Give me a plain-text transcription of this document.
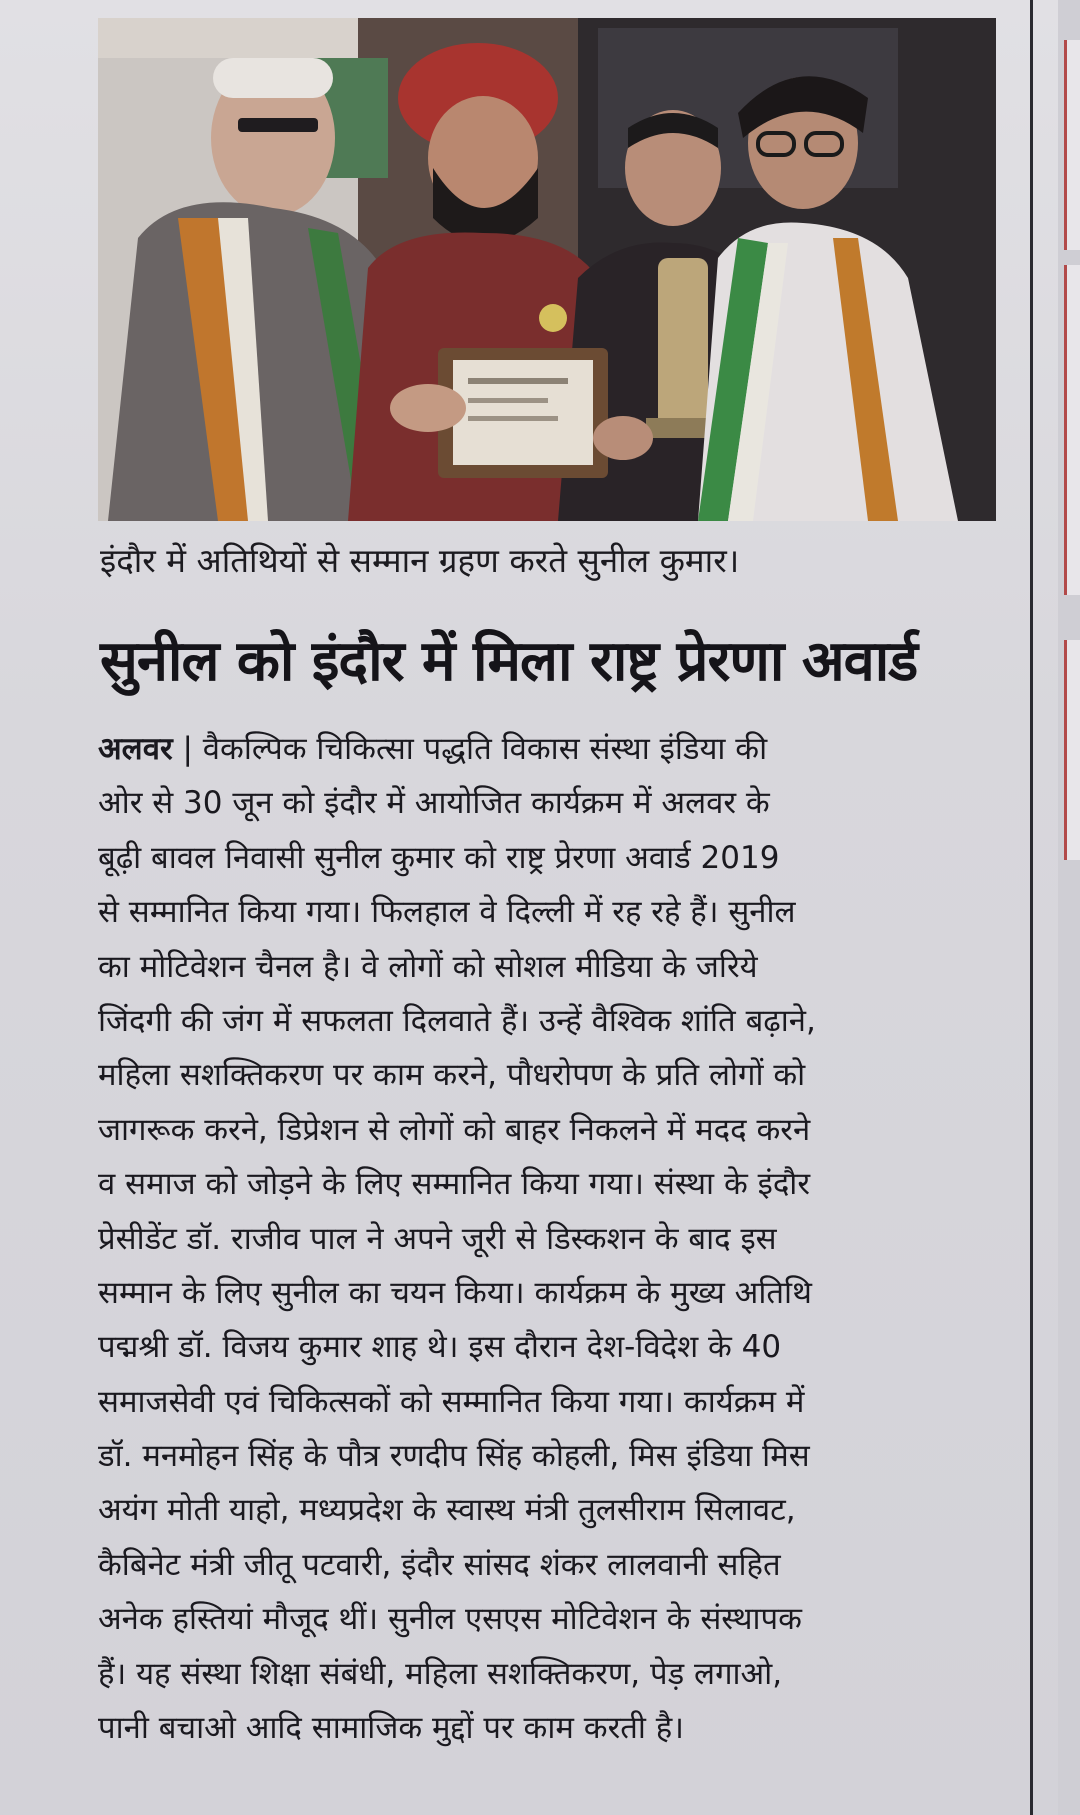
इंदौर में अतिथियों से सम्मान ग्रहण करते सुनील कुमार।
सुनील को इंदौर में मिला राष्ट्र प्रेरणा अवार्ड
अलवर | वैकल्पिक चिकित्सा पद्धति विकास संस्था इंडिया की
ओर से 30 जून को इंदौर में आयोजित कार्यक्रम में अलवर के
बूढ़ी बावल निवासी सुनील कुमार को राष्ट्र प्रेरणा अवार्ड 2019
से सम्मानित किया गया। फिलहाल वे दिल्ली में रह रहे हैं। सुनील
का मोटिवेशन चैनल है। वे लोगों को सोशल मीडिया के जरिये
जिंदगी की जंग में सफलता दिलवाते हैं। उन्हें वैश्विक शांति बढ़ाने,
महिला सशक्तिकरण पर काम करने, पौधरोपण के प्रति लोगों को
जागरूक करने, डिप्रेशन से लोगों को बाहर निकलने में मदद करने
व समाज को जोड़ने के लिए सम्मानित किया गया। संस्था के इंदौर
प्रेसीडेंट डॉ. राजीव पाल ने अपने जूरी से डिस्कशन के बाद इस
सम्मान के लिए सुनील का चयन किया। कार्यक्रम के मुख्य अतिथि
पद्मश्री डॉ. विजय कुमार शाह थे। इस दौरान देश-विदेश के 40
समाजसेवी एवं चिकित्सकों को सम्मानित किया गया। कार्यक्रम में
डॉ. मनमोहन सिंह के पौत्र रणदीप सिंह कोहली, मिस इंडिया मिस
अयंग मोती याहो, मध्यप्रदेश के स्वास्थ मंत्री तुलसीराम सिलावट,
कैबिनेट मंत्री जीतू पटवारी, इंदौर सांसद शंकर लालवानी सहित
अनेक हस्तियां मौजूद थीं। सुनील एसएस मोटिवेशन के संस्थापक
हैं। यह संस्था शिक्षा संबंधी, महिला सशक्तिकरण, पेड़ लगाओ,
पानी बचाओ आदि सामाजिक मुद्दों पर काम करती है।
